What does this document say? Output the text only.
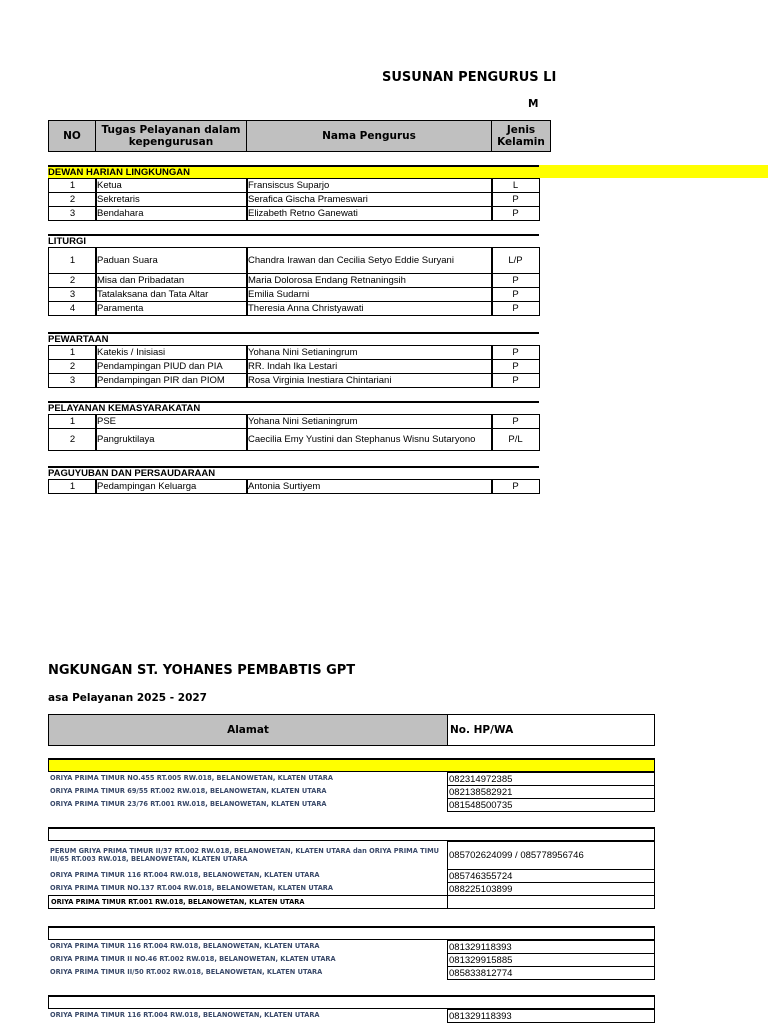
SUSUNAN PENGURUS LI
M
NO	Tugas Pelayanan dalam kepengurusan	Nama Pengurus	Jenis Kelamin
DEWAN HARIAN LINGKUNGAN
1	Ketua	Fransiscus Suparjo	L
2	Sekretaris	Serafica Gischa Prameswari	P
3	Bendahara	Elizabeth Retno Ganewati	P
LITURGI
1	Paduan Suara	Chandra Irawan dan Cecilia Setyo Eddie Suryani	L/P
2	Misa dan Pribadatan	Maria Dolorosa Endang Retnaningsih	P
3	Tatalaksana dan Tata Altar	Emilia Sudarni	P
4	Paramenta	Theresia Anna Christyawati	P
PEWARTAAN
1	Katekis / Inisiasi	Yohana Nini Setianingrum	P
2	Pendampingan PIUD dan PIA	RR. Indah Ika Lestari	P
3	Pendampingan PIR dan PIOM	Rosa Virginia Inestiara Chintariani	P
PELAYANAN KEMASYARAKATAN
1	PSE	Yohana Nini Setianingrum	P
2	Pangruktilaya	Caecilia Emy Yustini dan Stephanus Wisnu Sutaryono	P/L
PAGUYUBAN DAN PERSAUDARAAN
1	Pedampingan Keluarga	Antonia Surtiyem	P
NGKUNGAN ST. YOHANES PEMBABTIS GPT
asa Pelayanan 2025 - 2027
Alamat	No. HP/WA
ORIYA PRIMA TIMUR NO.455 RT.005 RW.018, BELANOWETAN, KLATEN UTARA	082314972385
ORIYA PRIMA TIMUR 69/55 RT.002 RW.018, BELANOWETAN, KLATEN UTARA	082138582921
ORIYA PRIMA TIMUR 23/76 RT.001 RW.018, BELANOWETAN, KLATEN UTARA	081548500735
PERUM GRIYA PRIMA TIMUR II/37 RT.002 RW.018, BELANOWETAN, KLATEN UTARA dan ORIYA PRIMA TIMU III/65 RT.003 RW.018, BELANOWETAN, KLATEN UTARA	085702624099 / 085778956746
ORIYA PRIMA TIMUR 116 RT.004 RW.018, BELANOWETAN, KLATEN UTARA	085746355724
ORIYA PRIMA TIMUR NO.137 RT.004 RW.018, BELANOWETAN, KLATEN UTARA	088225103899
ORIYA PRIMA TIMUR RT.001 RW.018, BELANOWETAN, KLATEN UTARA
ORIYA PRIMA TIMUR 116 RT.004 RW.018, BELANOWETAN, KLATEN UTARA	081329118393
ORIYA PRIMA TIMUR II NO.46 RT.002 RW.018, BELANOWETAN, KLATEN UTARA	081329915885
ORIYA PRIMA TIMUR II/50 RT.002 RW.018, BELANOWETAN, KLATEN UTARA	085833812774
ORIYA PRIMA TIMUR 116 RT.004 RW.018, BELANOWETAN, KLATEN UTARA	081329118393
